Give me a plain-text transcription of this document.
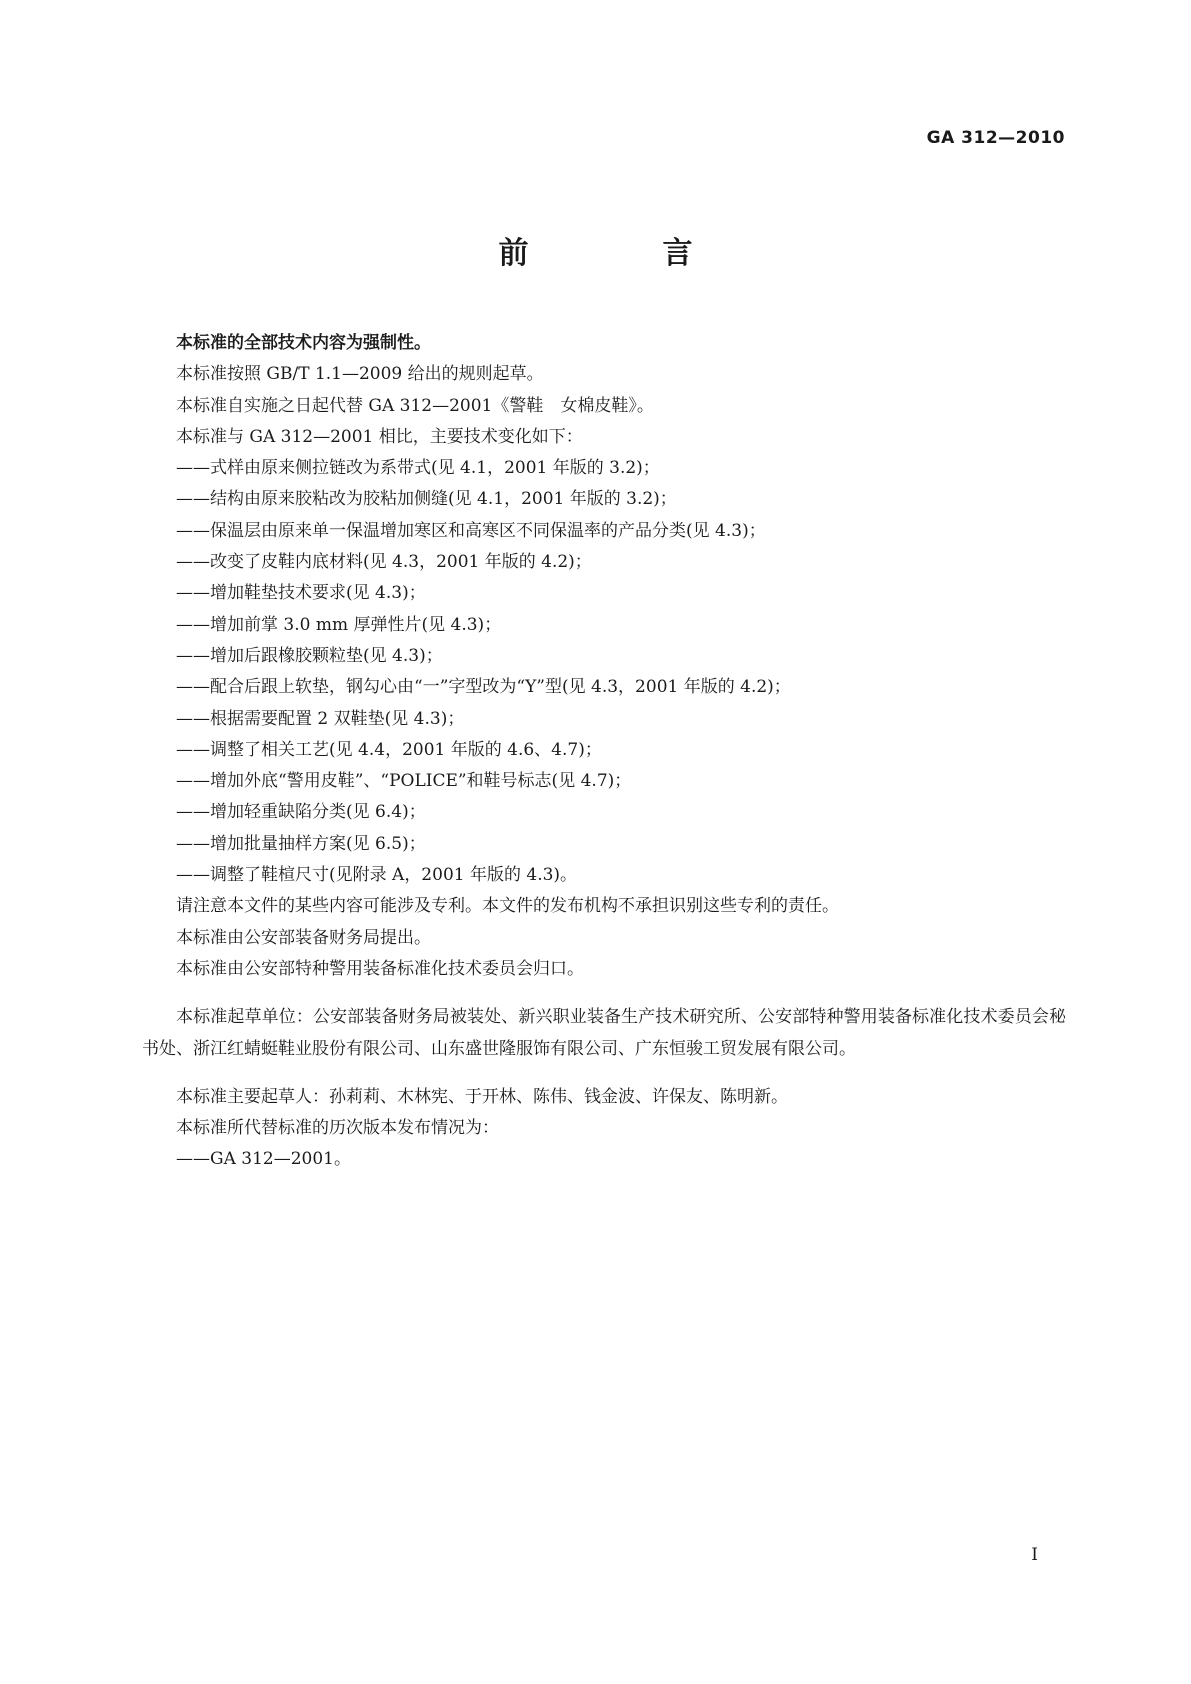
GA 312—2010
前　言

本标准的全部技术内容为强制性。

本标准按照 GB/T 1.1—2009 给出的规则起草。

本标准自实施之日起代替 GA 312—2001《警鞋　女棉皮鞋》。

本标准与 GA 312—2001 相比，主要技术变化如下：

——式样由原来侧拉链改为系带式(见 4.1，2001 年版的 3.2)；

——结构由原来胶粘改为胶粘加侧缝(见 4.1，2001 年版的 3.2)；

——保温层由原来单一保温增加寒区和高寒区不同保温率的产品分类(见 4.3)；

——改变了皮鞋内底材料(见 4.3，2001 年版的 4.2)；

——增加鞋垫技术要求(见 4.3)；

——增加前掌 3.0 mm 厚弹性片(见 4.3)；

——增加后跟橡胶颗粒垫(见 4.3)；

——配合后跟上软垫，钢勾心由“一”字型改为“Y”型(见 4.3，2001 年版的 4.2)；

——根据需要配置 2 双鞋垫(见 4.3)；

——调整了相关工艺(见 4.4，2001 年版的 4.6、4.7)；

——增加外底“警用皮鞋”、“POLICE”和鞋号标志(见 4.7)；

——增加轻重缺陷分类(见 6.4)；

——增加批量抽样方案(见 6.5)；

——调整了鞋楦尺寸(见附录 A，2001 年版的 4.3)。

请注意本文件的某些内容可能涉及专利。本文件的发布机构不承担识别这些专利的责任。

本标准由公安部装备财务局提出。

本标准由公安部特种警用装备标准化技术委员会归口。

本标准起草单位：公安部装备财务局被装处、新兴职业装备生产技术研究所、公安部特种警用装备标准化技术委员会秘书处、浙江红蜻蜓鞋业股份有限公司、山东盛世隆服饰有限公司、广东恒骏工贸发展有限公司。

本标准主要起草人：孙莉莉、木林宪、于开林、陈伟、钱金波、许保友、陈明新。

本标准所代替标准的历次版本发布情况为：

——GA 312—2001。

I
